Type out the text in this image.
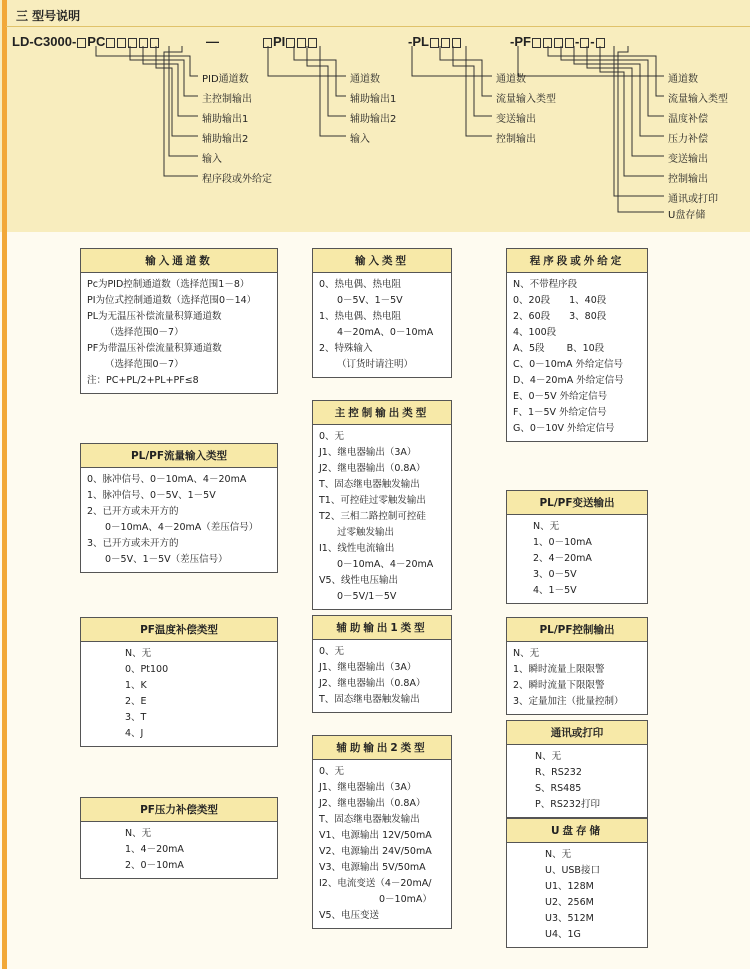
三 型号说明
LD-C3000- PC	—	PI	-PL	-PF	- -
PID通道数
主控制输出
辅助输出1
辅助输出2
输入
程序段或外给定
通道数
辅助输出1
辅助输出2
输入
通道数
流量输入类型
变送输出
控制输出
通道数
流量输入类型
温度补偿
压力补偿
变送输出
控制输出
通讯或打印
U盘存储
输入通道数
Pc为PID控制通道数（选择范围1－8）
PI为位式控制通道数（选择范围0－14）
PL为无温压补偿流量积算通道数
（选择范围0－7）
PF为带温压补偿流量积算通道数
（选择范围0－7）
注：PC+PL/2+PL+PF≤8
PL/PF流量输入类型
0、脉冲信号、0－10mA、4－20mA
1、脉冲信号、0－5V、1－5V
2、已开方或未开方的
0－10mA、4－20mA（差压信号）
3、已开方或未开方的
0－5V、1－5V（差压信号）
PF温度补偿类型
N、无
0、Pt100
1、K
2、E
3、T
4、J
PF压力补偿类型
N、无
1、4－20mA
2、0－10mA
输入类型
0、热电偶、热电阻
0－5V、1－5V
1、热电偶、热电阻
4－20mA、0－10mA
2、特殊输入
（订货时请注明）
主控制输出类型
0、无
J1、继电器输出（3A）
J2、继电器输出（0.8A）
T、固态继电器触发输出
T1、可控硅过零触发输出
T2、三相二路控制可控硅
过零触发输出
I1、线性电流输出
0－10mA、4－20mA
V5、线性电压输出
0－5V/1－5V
辅助输出1类型
0、无
J1、继电器输出（3A）
J2、继电器输出（0.8A）
T、固态继电器触发输出
辅助输出2类型
0、无
J1、继电器输出（3A）
J2、继电器输出（0.8A）
T、固态继电器触发输出
V1、电源输出 12V/50mA
V2、电源输出 24V/50mA
V3、电源输出 5V/50mA
I2、电流变送（4－20mA/
0－10mA）
V5、电压变送
程序段或外给定
N、不带程序段
0、20段　　1、40段
2、60段　　3、80段
4、100段
A、5段　　 B、10段
C、0－10mA 外给定信号
D、4－20mA 外给定信号
E、0－5V 外给定信号
F、1－5V 外给定信号
G、0－10V 外给定信号
PL/PF变送输出
N、无
1、0－10mA
2、4－20mA
3、0－5V
4、1－5V
PL/PF控制输出
N、无
1、瞬时流量上限限警
2、瞬时流量下限限警
3、定量加注（批量控制）
通讯或打印
N、无
R、RS232
S、RS485
P、RS232打印
U盘存储
N、无
U、USB接口
U1、128M
U2、256M
U3、512M
U4、1G
